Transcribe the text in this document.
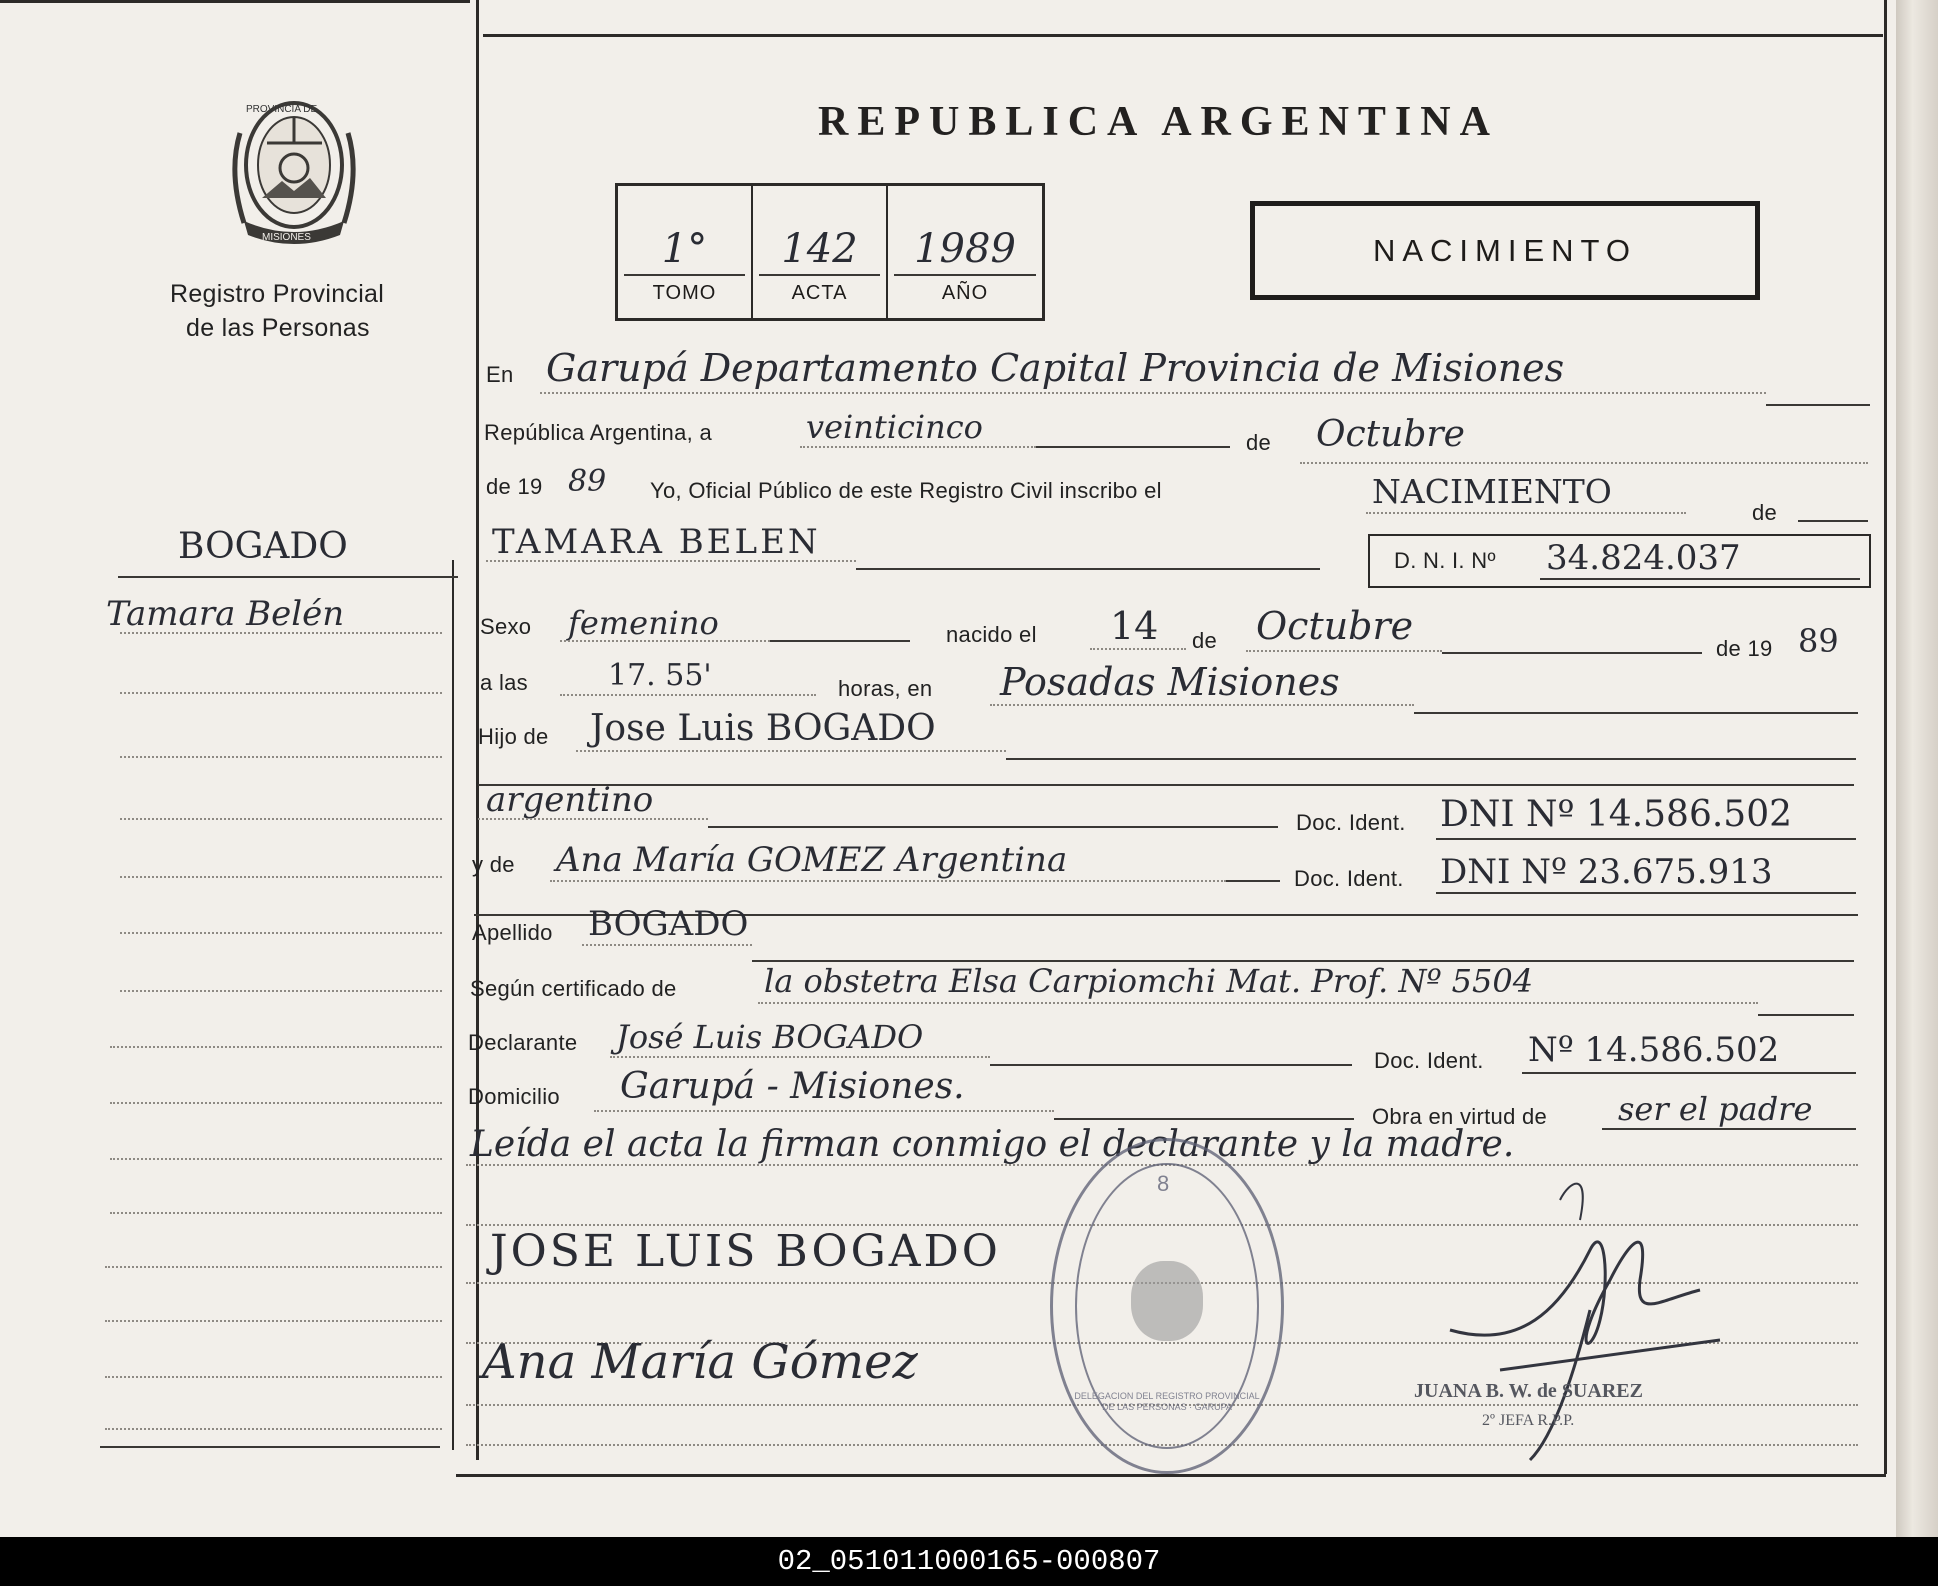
PROVINCIA DE
MISIONES
Registro Provincial
de las Personas
BOGADO
Tamara Belén
REPUBLICA ARGENTINA
1°
TOMO
142
ACTA
1989
AÑO
NACIMIENTO
En Garupá Departamento Capital Provincia de Misiones
República Argentina, a	veinticinco	de Octubre
de 19 89 Yo, Oficial Público de este Registro Civil inscribo el	NACIMIENTO
de
TAMARA BELEN	D. N. I. Nº 34.824.037
Sexo femenino	nacido el 14 de Octubre
de 19 89
a las	17. 55'	horas, en Posadas Misiones
Hijo de Jose Luis BOGADO
argentino
Doc. Ident. DNI Nº 14.586.502
y de Ana María GOMEZ Argentina	Doc. Ident. DNI Nº 23.675.913
Apellido BOGADO
Según certificado de	la obstetra Elsa Carpiomchi Mat. Prof. Nº 5504
Declarante José Luis BOGADO
Doc. Ident. Nº 14.586.502
Domicilio Garupá - Misiones.
Obra en virtud de ser el padre
Leída el acta la firman conmigo el declarante y la madre.
JOSE LUIS BOGADO
Ana María Gómez
8
DELEGACION DEL REGISTRO PROVINCIAL DE LAS PERSONAS · GARUPA
JUANA B. W. de SUAREZ
2º JEFA R.P.P.
02_051011000165-000807
